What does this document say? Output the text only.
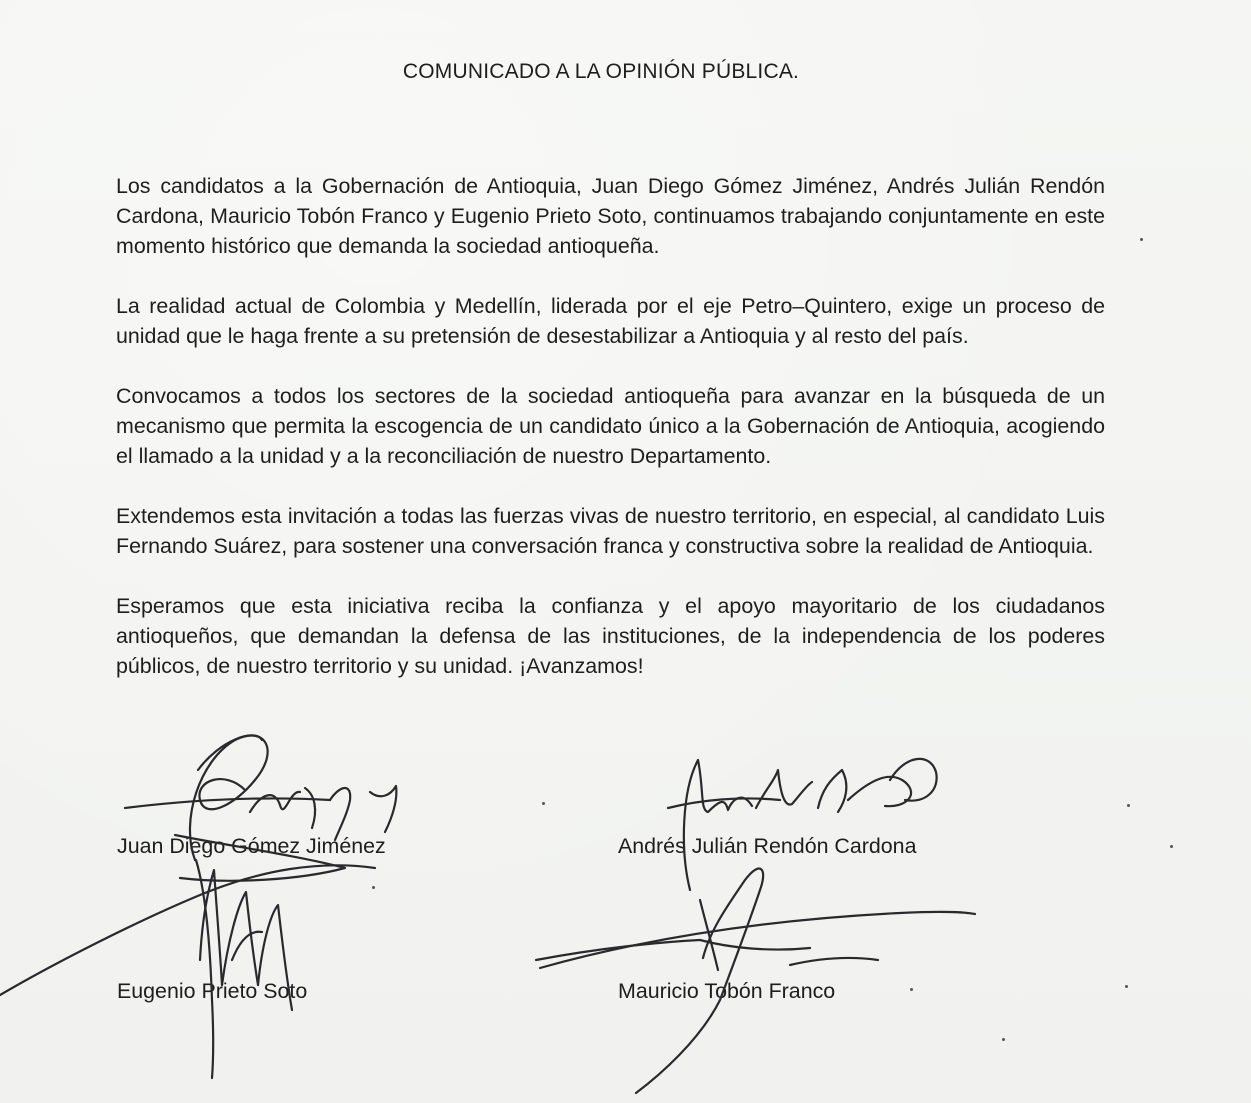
COMUNICADO A LA OPINIÓN PÚBLICA.

Los candidatos a la Gobernación de Antioquia, Juan Diego Gómez Jiménez, Andrés Julián Rendón Cardona, Mauricio Tobón Franco y Eugenio Prieto Soto, continuamos trabajando conjuntamente en este momento histórico que demanda la sociedad antioqueña.

La realidad actual de Colombia y Medellín, liderada por el eje Petro–Quintero, exige un proceso de unidad que le haga frente a su pretensión de desestabilizar a Antioquia y al resto del país.

Convocamos a todos los sectores de la sociedad antioqueña para avanzar en la búsqueda de un mecanismo que permita la escogencia de un candidato único a la Gobernación de Antioquia, acogiendo el llamado a la unidad y a la reconciliación de nuestro Departamento.

Extendemos esta invitación a todas las fuerzas vivas de nuestro territorio, en especial, al candidato Luis Fernando Suárez, para sostener una conversación franca y constructiva sobre la realidad de Antioquia.

Esperamos que esta iniciativa reciba la confianza y el apoyo mayoritario de los ciudadanos antioqueños, que demandan la defensa de las instituciones, de la independencia de los poderes públicos, de nuestro territorio y su unidad. ¡Avanzamos!

Juan Diego Gómez Jiménez	Andrés Julián Rendón Cardona
Eugenio Prieto Soto	Mauricio Tobón Franco
